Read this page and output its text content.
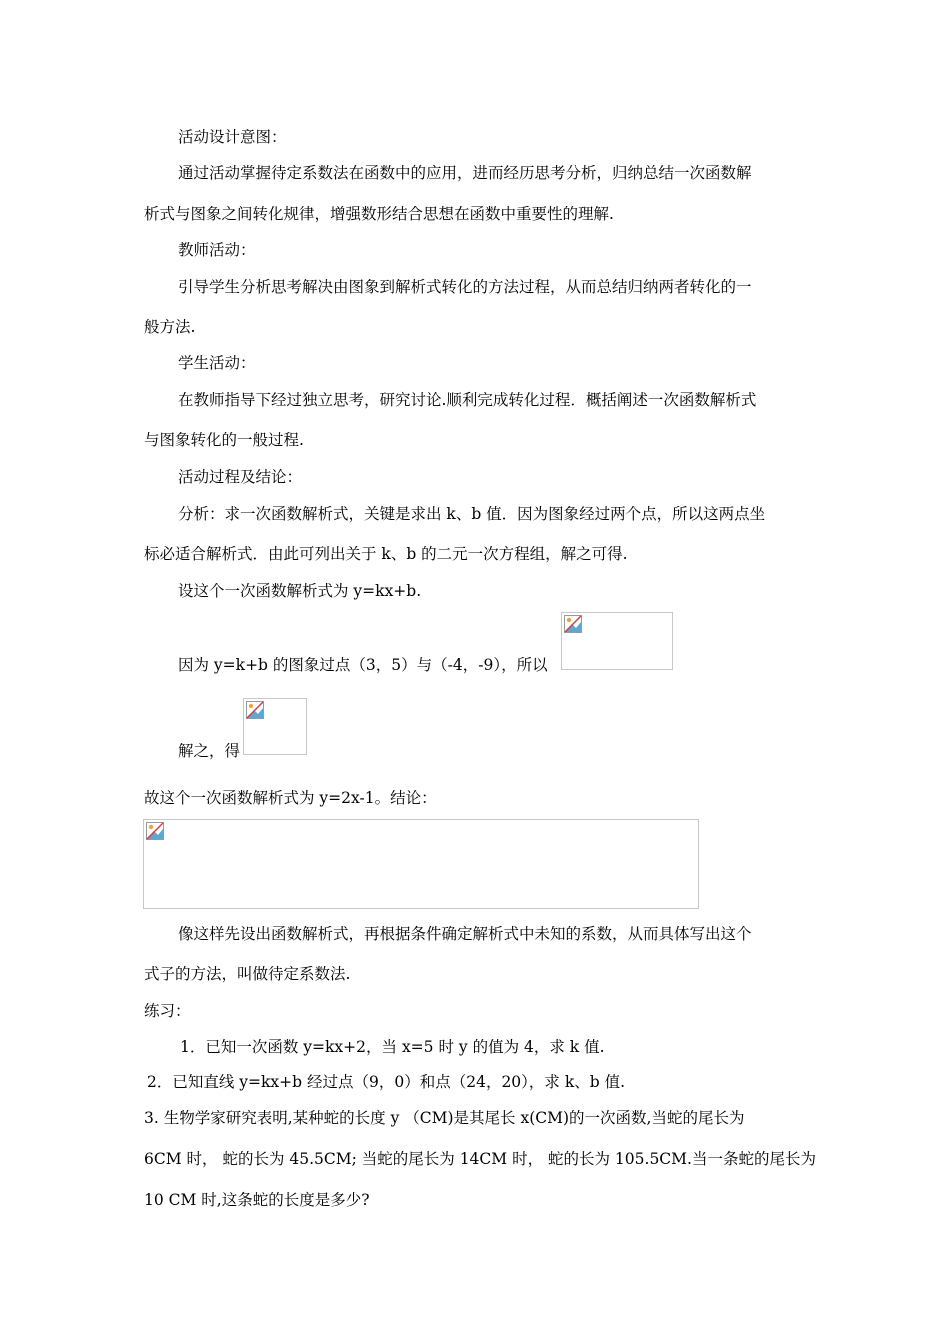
活动设计意图：
通过活动掌握待定系数法在函数中的应用，进而经历思考分析，归纳总结一次函数解
析式与图象之间转化规律，增强数形结合思想在函数中重要性的理解.
教师活动：
引导学生分析思考解决由图象到解析式转化的方法过程，从而总结归纳两者转化的一
般方法.
学生活动：
在教师指导下经过独立思考，研究讨论.顺利完成转化过程．概括阐述一次函数解析式
与图象转化的一般过程.
活动过程及结论：
分析：求一次函数解析式，关键是求出 k、b 值．因为图象经过两个点，所以这两点坐
标必适合解析式．由此可列出关于 k、b 的二元一次方程组，解之可得.
设这个一次函数解析式为 y=kx+b.
因为 y=k+b 的图象过点（3，5）与（-4，-9），所以
解之，得
故这个一次函数解析式为 y=2x-1。结论：
像这样先设出函数解析式，再根据条件确定解析式中未知的系数，从而具体写出这个
式子的方法，叫做待定系数法.
练习：
1．已知一次函数 y=kx+2，当 x=5 时 y 的值为 4，求 k 值.
2．已知直线 y=kx+b 经过点（9，0）和点（24，20），求 k、b 值.
3. 生物学家研究表明,某种蛇的长度 y （CM)是其尾长 x(CM)的一次函数,当蛇的尾长为
6CM 时， 蛇的长为 45.5CM; 当蛇的尾长为 14CM 时， 蛇的长为 105.5CM.当一条蛇的尾长为
10 CM 时,这条蛇的长度是多少?
